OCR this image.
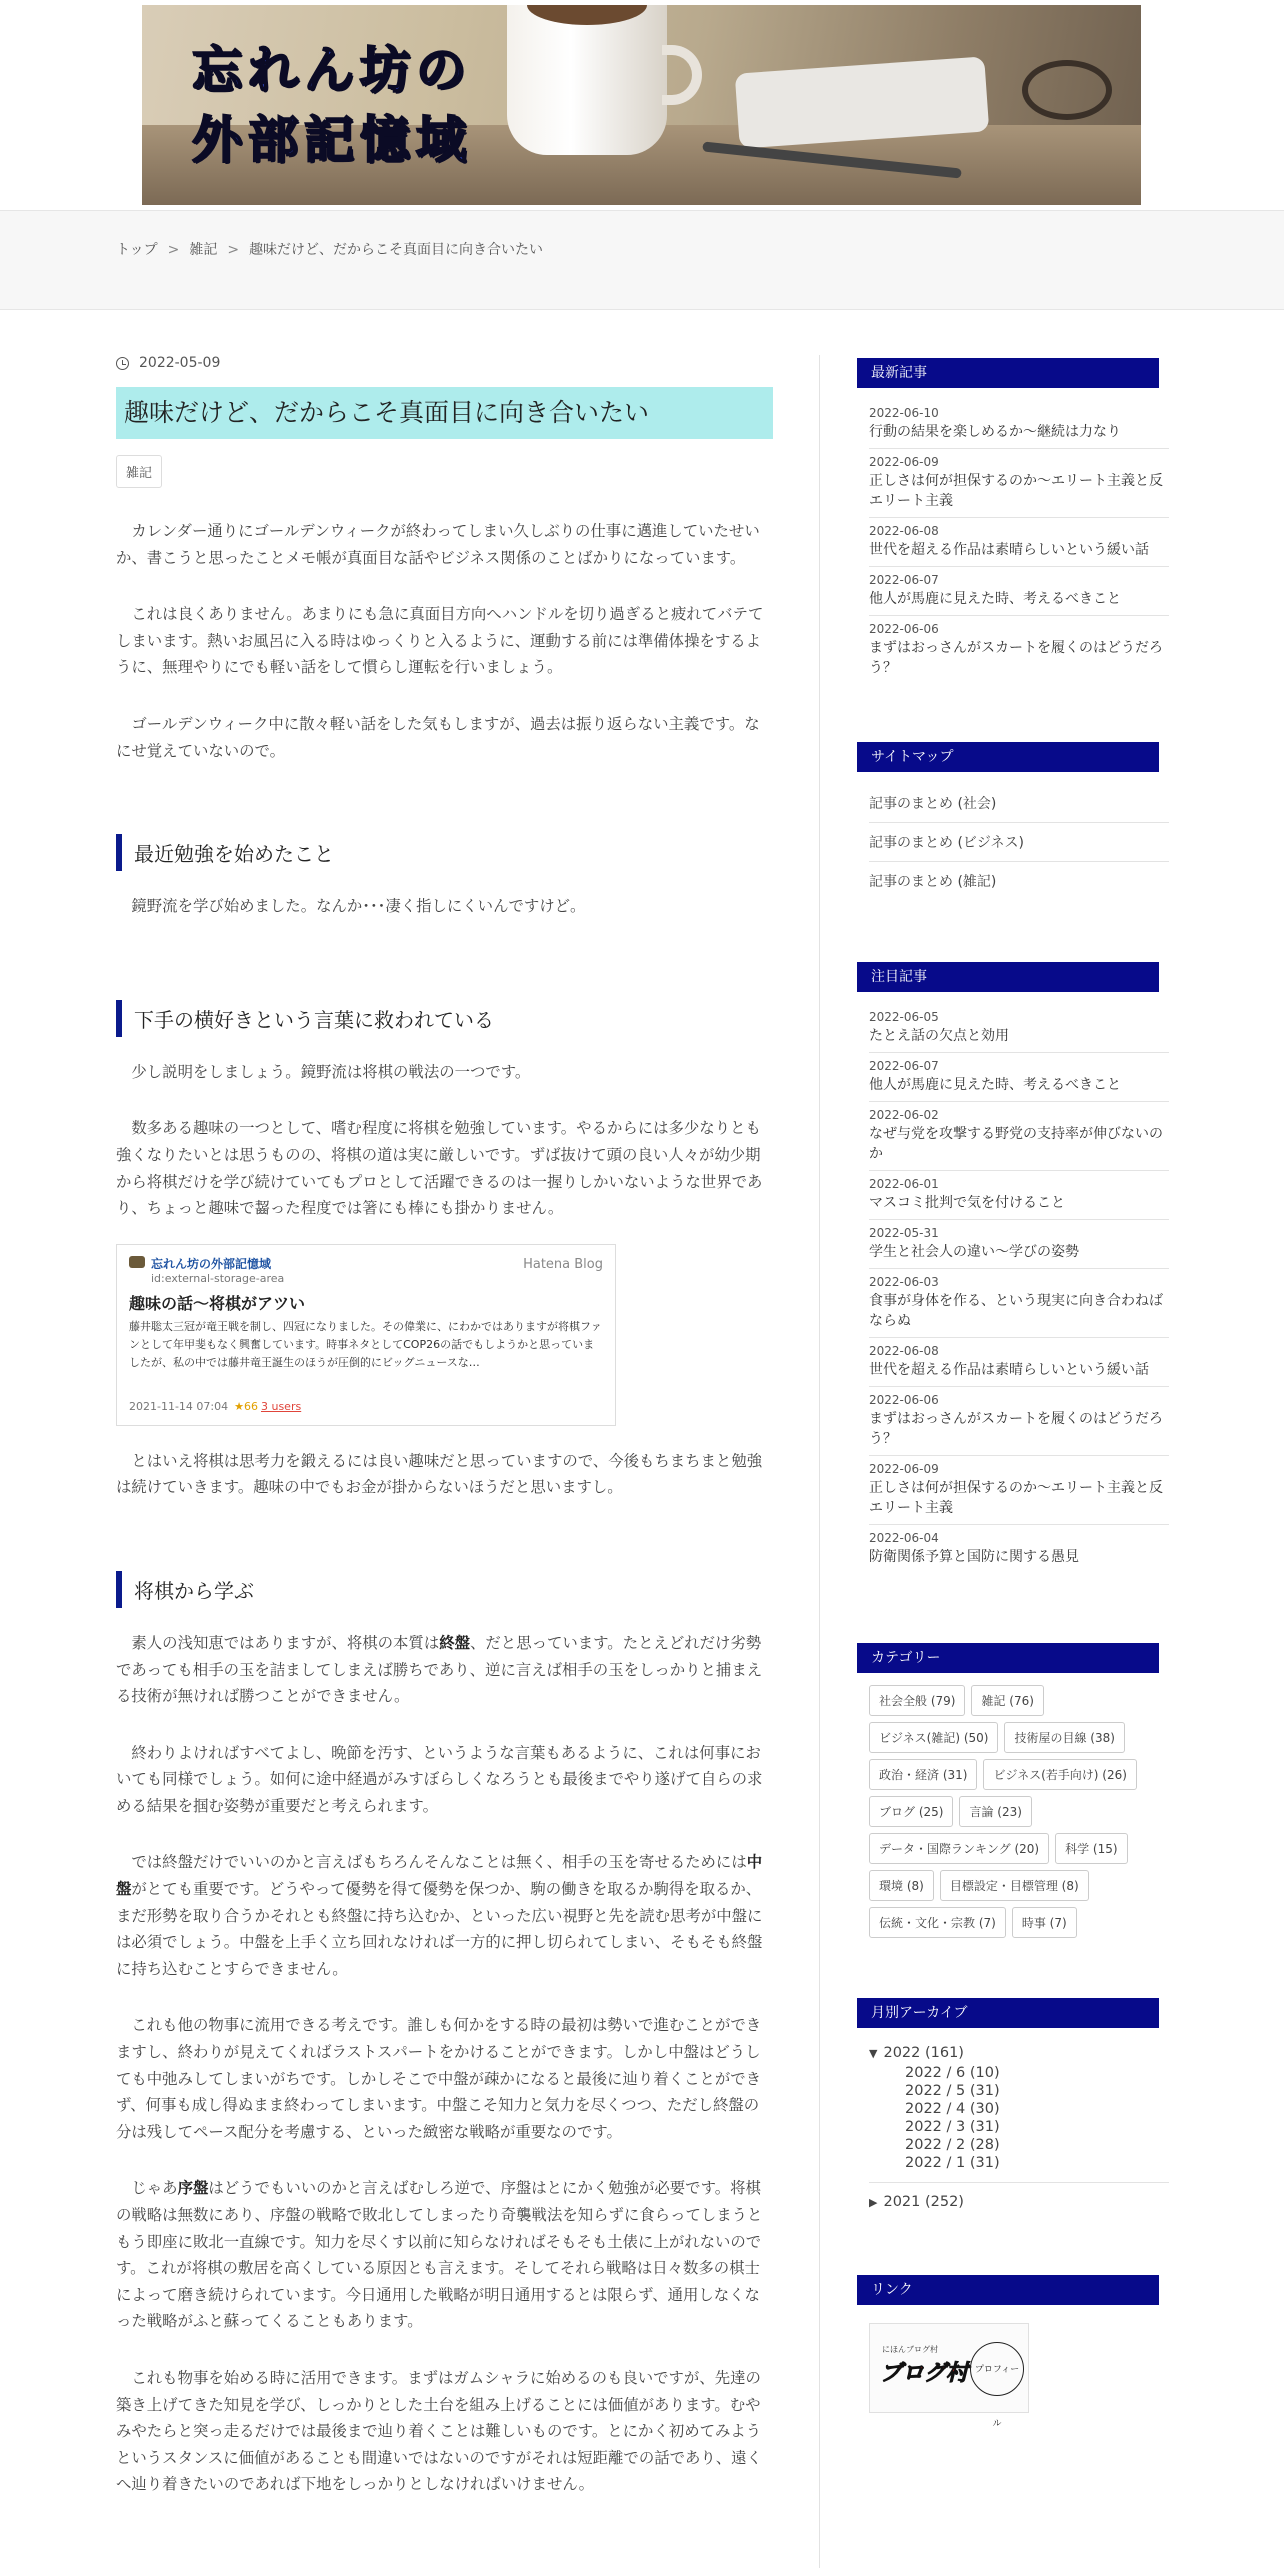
忘れん坊の
外部記憶域
トップ > 雑記 > 趣味だけど、だからこそ真面目に向き合いたい
2022-05-09
趣味だけど、だからこそ真面目に向き合いたい
雑記

カレンダー通りにゴールデンウィークが終わってしまい久しぶりの仕事に邁進していたせいか、書こうと思ったことメモ帳が真面目な話やビジネス関係のことばかりになっています。

これは良くありません。あまりにも急に真面目方向へハンドルを切り過ぎると疲れてバテてしまいます。熱いお風呂に入る時はゆっくりと入るように、運動する前には準備体操をするように、無理やりにでも軽い話をして慣らし運転を行いましょう。

ゴールデンウィーク中に散々軽い話をした気もしますが、過去は振り返らない主義です。なにせ覚えていないので。

最近勉強を始めたこと

鏡野流を学び始めました。なんか･･･凄く指しにくいんですけど。

下手の横好きという言葉に救われている

少し説明をしましょう。鏡野流は将棋の戦法の一つです。

数多ある趣味の一つとして、嗜む程度に将棋を勉強しています。やるからには多少なりとも強くなりたいとは思うものの、将棋の道は実に厳しいです。ずば抜けて頭の良い人々が幼少期から将棋だけを学び続けていてもプロとして活躍できるのは一握りしかいないような世界であり、ちょっと趣味で齧った程度では箸にも棒にも掛かりません。

忘れん坊の外部記憶域
id:external-storage-area
Hatena Blog
趣味の話～将棋がアツい
藤井聡太三冠が竜王戦を制し、四冠になりました。その偉業に、にわかではありますが将棋ファンとして年甲斐もなく興奮しています。時事ネタとしてCOP26の話でもしようかと思っていましたが、私の中では藤井竜王誕生のほうが圧倒的にビッグニュースな…
2021-11-14 07:04 ★66 3 users

とはいえ将棋は思考力を鍛えるには良い趣味だと思っていますので、今後もちまちまと勉強は続けていきます。趣味の中でもお金が掛からないほうだと思いますし。

将棋から学ぶ

素人の浅知恵ではありますが、将棋の本質は終盤、だと思っています。たとえどれだけ劣勢であっても相手の玉を詰ましてしまえば勝ちであり、逆に言えば相手の玉をしっかりと捕まえる技術が無ければ勝つことができません。

終わりよければすべてよし、晩節を汚す、というような言葉もあるように、これは何事においても同様でしょう。如何に途中経過がみすぼらしくなろうとも最後までやり遂げて自らの求める結果を掴む姿勢が重要だと考えられます。

では終盤だけでいいのかと言えばもちろんそんなことは無く、相手の玉を寄せるためには中盤がとても重要です。どうやって優勢を得て優勢を保つか、駒の働きを取るか駒得を取るか、まだ形勢を取り合うかそれとも終盤に持ち込むか、といった広い視野と先を読む思考が中盤には必須でしょう。中盤を上手く立ち回れなければ一方的に押し切られてしまい、そもそも終盤に持ち込むことすらできません。

これも他の物事に流用できる考えです。誰しも何かをする時の最初は勢いで進むことができますし、終わりが見えてくればラストスパートをかけることができます。しかし中盤はどうしても中弛みしてしまいがちです。しかしそこで中盤が疎かになると最後に辿り着くことができず、何事も成し得ぬまま終わってしまいます。中盤こそ知力と気力を尽くつつ、ただし終盤の分は残してペース配分を考慮する、といった緻密な戦略が重要なのです。

じゃあ序盤はどうでもいいのかと言えばむしろ逆で、序盤はとにかく勉強が必要です。将棋の戦略は無数にあり、序盤の戦略で敗北してしまったり奇襲戦法を知らずに食らってしまうともう即座に敗北一直線です。知力を尽くす以前に知らなければそもそも土俵に上がれないのです。これが将棋の敷居を高くしている原因とも言えます。そしてそれら戦略は日々数多の棋士によって磨き続けられています。今日通用した戦略が明日通用するとは限らず、通用しなくなった戦略がふと蘇ってくることもあります。

これも物事を始める時に活用できます。まずはガムシャラに始めるのも良いですが、先達の築き上げてきた知見を学び、しっかりとした土台を組み上げることには価値があります。むやみやたらと突っ走るだけでは最後まで辿り着くことは難しいものです。とにかく初めてみようというスタンスに価値があることも間違いではないのですがそれは短距離での話であり、遠くへ辿り着きたいのであれば下地をしっかりとしなければいけません。

最新記事
2022-06-10
行動の結果を楽しめるか～継続は力なり
2022-06-09
正しさは何が担保するのか～エリート主義と反エリート主義
2022-06-08
世代を超える作品は素晴らしいという緩い話
2022-06-07
他人が馬鹿に見えた時、考えるべきこと
2022-06-06
まずはおっさんがスカートを履くのはどうだろう？
サイトマップ
記事のまとめ (社会)
記事のまとめ (ビジネス)
記事のまとめ (雑記)
注目記事
2022-06-05
たとえ話の欠点と効用
2022-06-07
他人が馬鹿に見えた時、考えるべきこと
2022-06-02
なぜ与党を攻撃する野党の支持率が伸びないのか
2022-06-01
マスコミ批判で気を付けること
2022-05-31
学生と社会人の違い〜学びの姿勢
2022-06-03
食事が身体を作る、という現実に向き合わねばならぬ
2022-06-08
世代を超える作品は素晴らしいという緩い話
2022-06-06
まずはおっさんがスカートを履くのはどうだろう？
2022-06-09
正しさは何が担保するのか～エリート主義と反エリート主義
2022-06-04
防衛関係予算と国防に関する愚見
カテゴリー
社会全般 (79)	雑記 (76)
ビジネス(雑記) (50)	技術屋の目線 (38)
政治・経済 (31)	ビジネス(若手向け) (26)
ブログ (25)	言論 (23)
データ・国際ランキング (20)	科学 (15)
環境 (8)	目標設定・目標管理 (8)
伝統・文化・宗教 (7)	時事 (7)
月別アーカイブ
▼ 2022 (161)
2022 / 6 (10)
2022 / 5 (31)
2022 / 4 (30)
2022 / 3 (31)
2022 / 2 (28)
2022 / 1 (31)
▶ 2021 (252)
リンク
にほんブログ村
ブログ村 プロフィール
